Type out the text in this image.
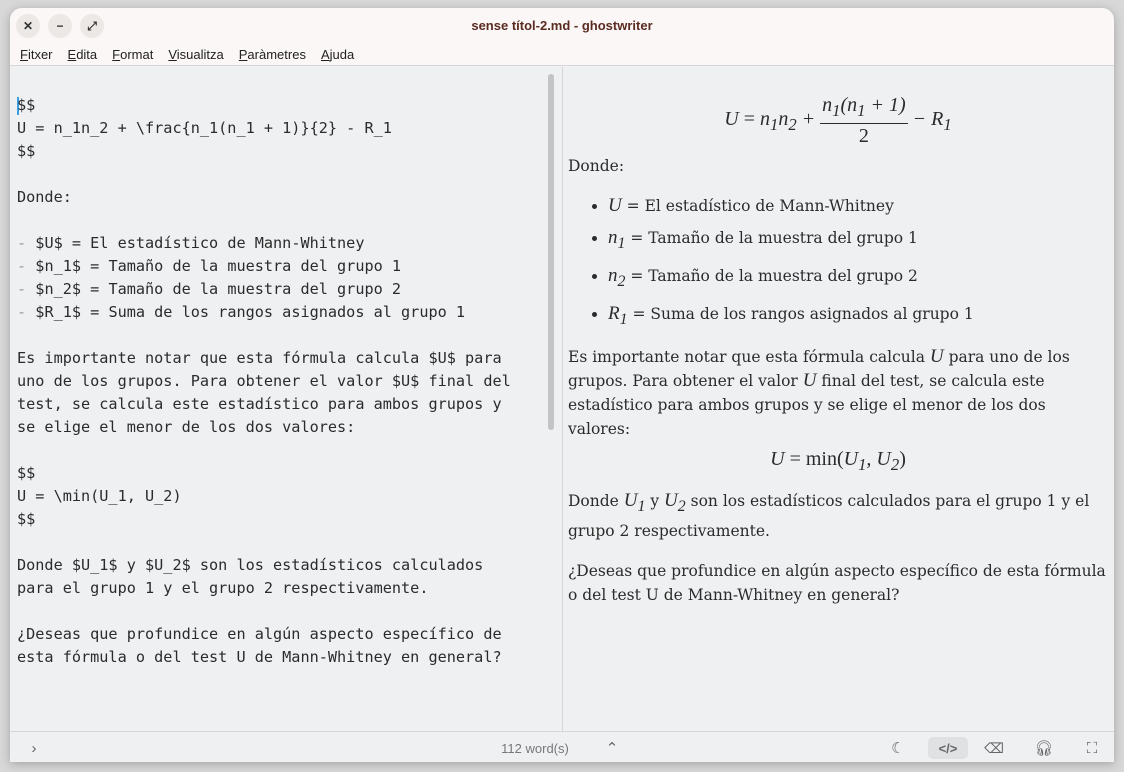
✕	−	⤢	sense títol-2.md - ghostwriter
Fitxer Edita Format Visualitza Paràmetres Ajuda
$$
U = n_1n_2 + \frac{n_1(n_1 + 1)}{2} - R_1
$$
Donde:
- $U$ = El estadístico de Mann-Whitney
- $n_1$ = Tamaño de la muestra del grupo 1
- $n_2$ = Tamaño de la muestra del grupo 2
- $R_1$ = Suma de los rangos asignados al grupo 1
Es importante notar que esta fórmula calcula $U$ para
uno de los grupos. Para obtener el valor $U$ final del
test, se calcula este estadístico para ambos grupos y
se elige el menor de los dos valores:
$$
U = \min(U_1, U_2)
$$
Donde $U_1$ y $U_2$ son los estadísticos calculados
para el grupo 1 y el grupo 2 respectivamente.
¿Deseas que profundice en algún aspecto específico de
esta fórmula o del test U de Mann-Whitney en general?
$U = n_1n_2 + \frac{n_1(n_1 + 1)}{2} - R_1$

Donde:

• U = El estadístico de Mann-Whitney
• $n_1$ = Tamaño de la muestra del grupo 1
• $n_2$ = Tamaño de la muestra del grupo 2
• $R_1$ = Suma de los rangos asignados al grupo 1

Es importante notar que esta fórmula calcula U para uno de los grupos. Para obtener el valor U final del test, se calcula este estadístico para ambos grupos y se elige el menor de los dos valores:

$U = \min(U_1$, $U_2$)

Donde $U_1$ y $U_2$ son los estadísticos calculados para el grupo 1 y el grupo 2 respectivamente.

¿Deseas que profundice en algún aspecto específico de esta fórmula o del test U de Mann-Whitney en general?

›	112 word(s)	⌃	☾	</>	⌫ 🎧︎	⛶
